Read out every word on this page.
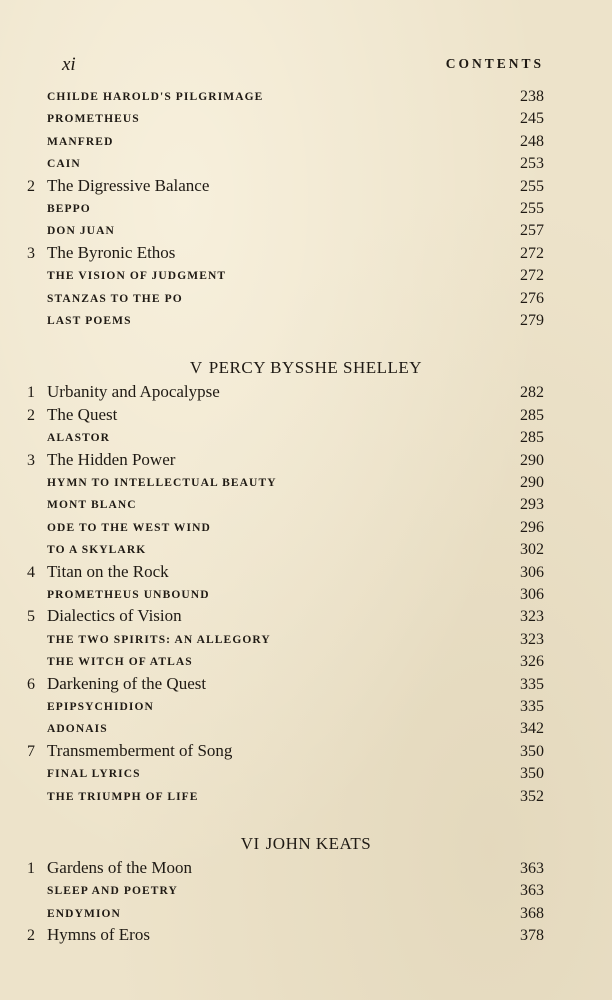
xi	CONTENTS
CHILDE HAROLD'S PILGRIMAGE	238
PROMETHEUS	245
MANFRED	248
CAIN	253
2 The Digressive Balance	255
BEPPO	255
DON JUAN	257
3 The Byronic Ethos	272
THE VISION OF JUDGMENT	272
STANZAS TO THE PO	276
LAST POEMS	279
V PERCY BYSSHE SHELLEY
1 Urbanity and Apocalypse	282
2 The Quest	285
ALASTOR	285
3 The Hidden Power	290
HYMN TO INTELLECTUAL BEAUTY	290
MONT BLANC	293
ODE TO THE WEST WIND	296
TO A SKYLARK	302
4 Titan on the Rock	306
PROMETHEUS UNBOUND	306
5 Dialectics of Vision	323
THE TWO SPIRITS: AN ALLEGORY	323
THE WITCH OF ATLAS	326
6 Darkening of the Quest	335
EPIPSYCHIDION	335
ADONAIS	342
7 Transmemberment of Song	350
FINAL LYRICS	350
THE TRIUMPH OF LIFE	352
VI JOHN KEATS
1 Gardens of the Moon	363
SLEEP AND POETRY	363
ENDYMION	368
2 Hymns of Eros	378
